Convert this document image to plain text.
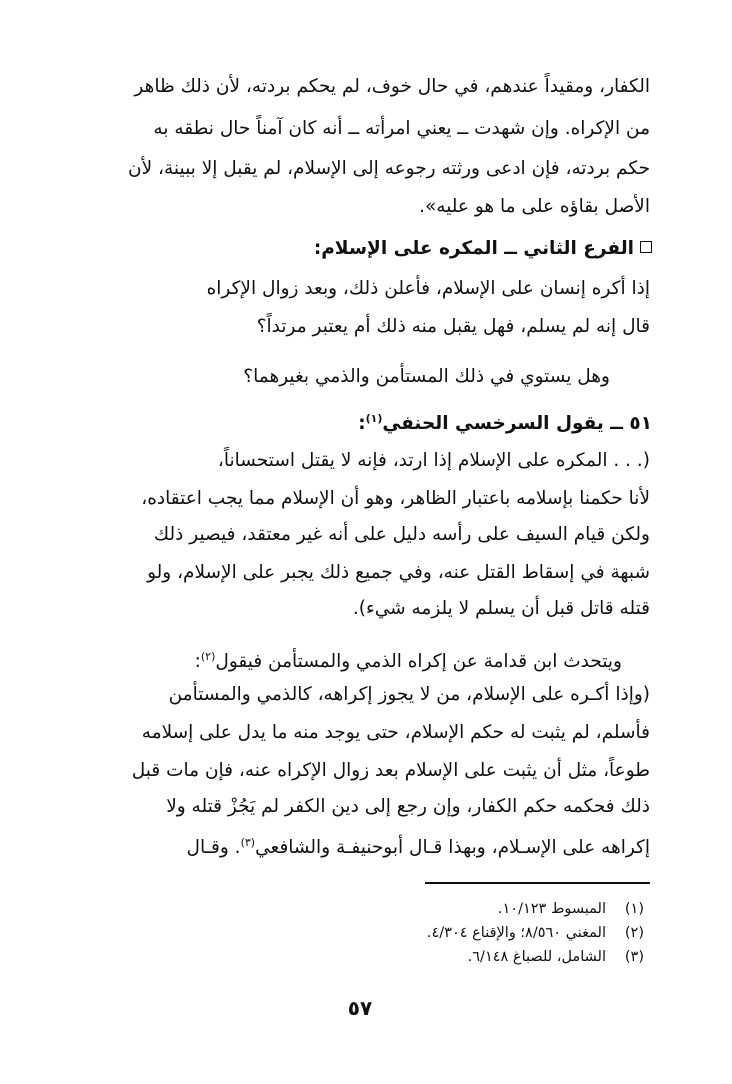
الكفار، ومقيداً عندهم، في حال خوف، لم يحكم بردته، لأن ذلك ظاهر
من الإكراه. وإن شهدت ــ يعني امرأته ــ أنه كان آمناً حال نطقه به
حكم بردته، فإن ادعى ورثته رجوعه إلى الإسلام، لم يقبل إلا ببينة، لأن
الأصل بقاؤه على ما هو عليه».
الفرع الثاني ــ المكره على الإسلام:
إذا أكره إنسان على الإسلام، فأعلن ذلك، وبعد زوال الإكراه
قال إنه لم يسلم، فهل يقبل منه ذلك أم يعتبر مرتداً؟
وهل يستوي في ذلك المستأمن والذمي بغيرهما؟
٥١ ــ يقول السرخسي الحنفي$^{(١)}$:
(. . . المكره على الإسلام إذا ارتد، فإنه لا يقتل استحساناً،
لأنا حكمنا بإسلامه باعتبار الظاهر، وهو أن الإسلام مما يجب اعتقاده،
ولكن قيام السيف على رأسه دليل على أنه غير معتقد، فيصير ذلك
شبهة في إسقاط القتل عنه، وفي جميع ذلك يجبر على الإسلام، ولو
قتله قاتل قبل أن يسلم لا يلزمه شيء).
ويتحدث ابن قدامة عن إكراه الذمي والمستأمن فيقول$^{(٢)}$:
(وإذا أكـره على الإسلام، من لا يجوز إكراهه، كالذمي والمستأمن
فأسلم، لم يثبت له حكم الإسلام، حتى يوجد منه ما يدل على إسلامه
طوعاً، مثل أن يثبت على الإسلام بعد زوال الإكراه عنه، فإن مات قبل
ذلك فحكمه حكم الكفار، وإن رجع إلى دين الكفر لم يَجُزْ قتله ولا
إكراهه على الإسـلام، وبهذا قـال أبوحنيفـة والشافعي$^{(٣)}$. وقـال
(١)المبسوط ١٠/١٢٣.
(٢)المغني ٨/٥٦٠؛ والإقناع ٤/٣٠٤.
(٣)الشامل، للصباغ ٦/١٤٨.
٥٧
